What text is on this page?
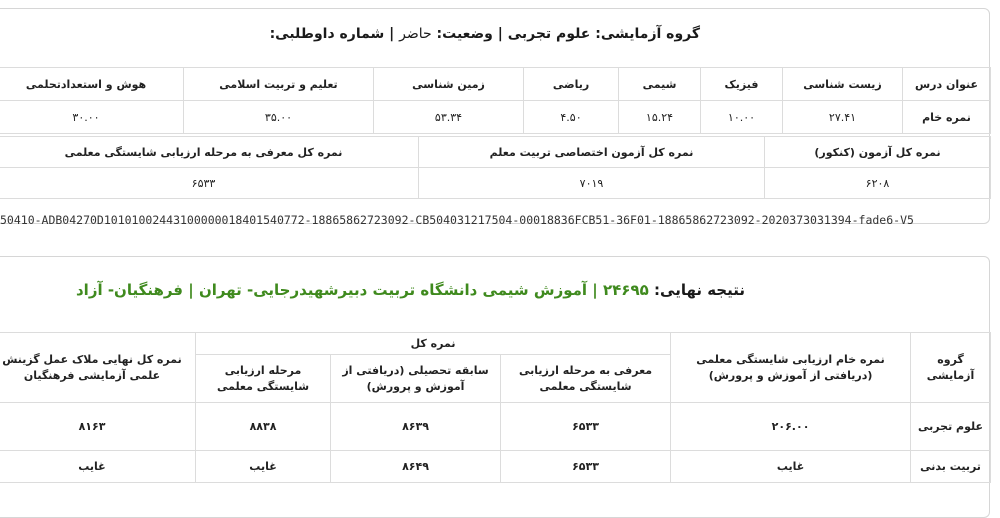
گروه آزمایشی: علوم تجربی | وضعیت: حاضر | شماره داوطلبی:
عنوان درس	زیست شناسی	فیزیک	شیمی	ریاضی	زمین شناسی	تعلیم و تربیت اسلامی	هوش و استعدادتحلمی
نمره خام	۲۷.۴۱	۱۰.۰۰	۱۵.۲۴	۴.۵۰	۵۳.۳۴	۳۵.۰۰	۳۰.۰۰
نمره کل آزمون (کنکور)	نمره کل آزمون اختصاصی تربیت معلم	نمره کل معرفی به مرحله ارزیابی شایستگی معلمی
۶۲۰۸	۷۰۱۹	۶۵۳۳
50410-ADB04270D10101002443100000018401540772-18865862723092-CB504031217504-00018836FCB51-36F01-18865862723092-2020373031394-fade6-V5
نتیجه نهایی: ۲۴۶۹۵ | آموزش شیمی دانشگاه تربیت دبیرشهیدرجایی- تهران | فرهنگیان- آزاد
گروه آزمایشی	نمره خام ارزیابی شایستگی معلمی (دریافتی از آموزش و پرورش)	نمره کل			نمره کل نهایی ملاک عمل گزینش علمی آزمایشی فرهنگیان
		معرفی به مرحله ارزیابی شایستگی معلمی	سابقه تحصیلی (دریافتی از آموزش و پرورش)	مرحله ارزیابی شایستگی معلمی	
علوم تجربی	۲۰۶.۰۰	۶۵۳۳	۸۶۳۹	۸۸۳۸	۸۱۶۳
تربیت بدنی	غایب	۶۵۳۳	۸۶۴۹	غایب	غایب
